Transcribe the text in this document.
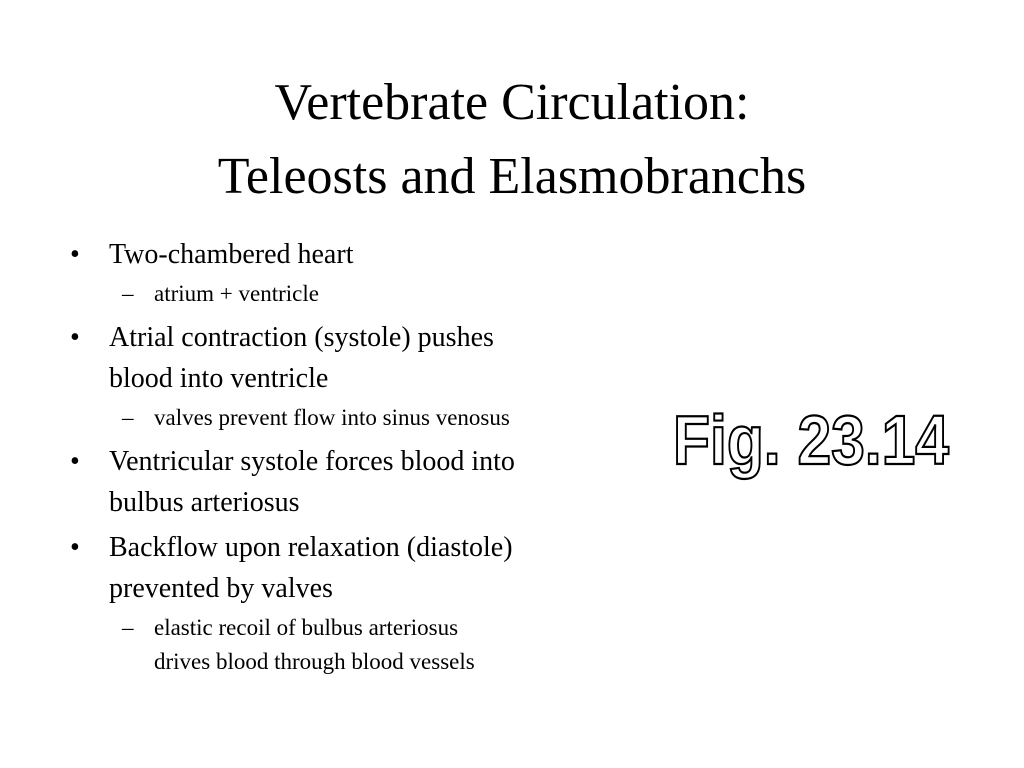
Vertebrate Circulation:
Teleosts and Elasmobranchs
• Two-chambered heart
– atrium + ventricle
• Atrial contraction (systole) pushes
blood into ventricle
– valves prevent flow into sinus venosus
• Ventricular systole forces blood into
bulbus arteriosus
• Backflow upon relaxation (diastole)
prevented by valves
– elastic recoil of bulbus arteriosus
drives blood through blood vessels
Fig. 23.14
